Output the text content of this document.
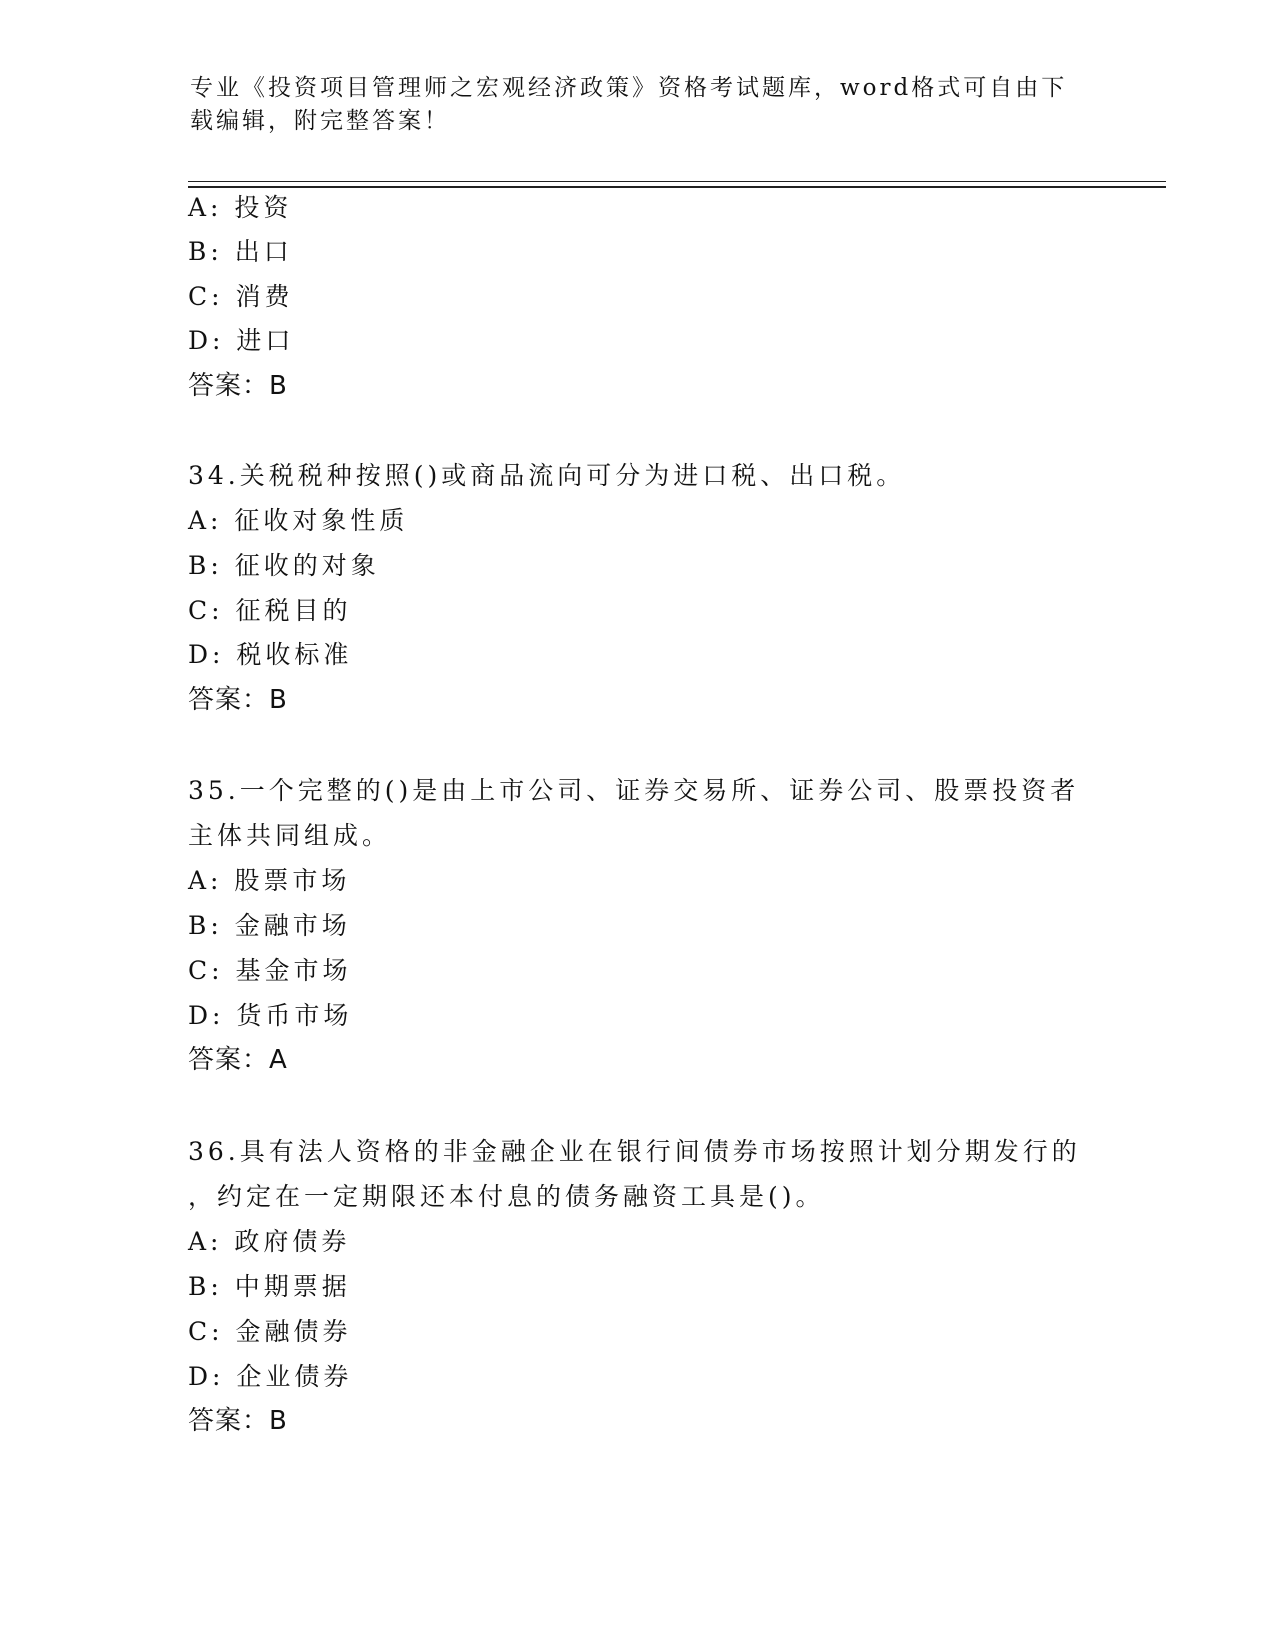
专业《投资项目管理师之宏观经济政策》资格考试题库，word格式可自由下载编辑，附完整答案！
A: 投资
B: 出口
C: 消费
D: 进口
答案：B
34.关税税种按照()或商品流向可分为进口税、出口税。
A: 征收对象性质
B: 征收的对象
C: 征税目的
D: 税收标准
答案：B
35.一个完整的()是由上市公司、证券交易所、证券公司、股票投资者
主体共同组成。
A: 股票市场
B: 金融市场
C: 基金市场
D: 货币市场
答案：A
36.具有法人资格的非金融企业在银行间债券市场按照计划分期发行的
，约定在一定期限还本付息的债务融资工具是()。
A: 政府债券
B: 中期票据
C: 金融债券
D: 企业债券
答案：B
